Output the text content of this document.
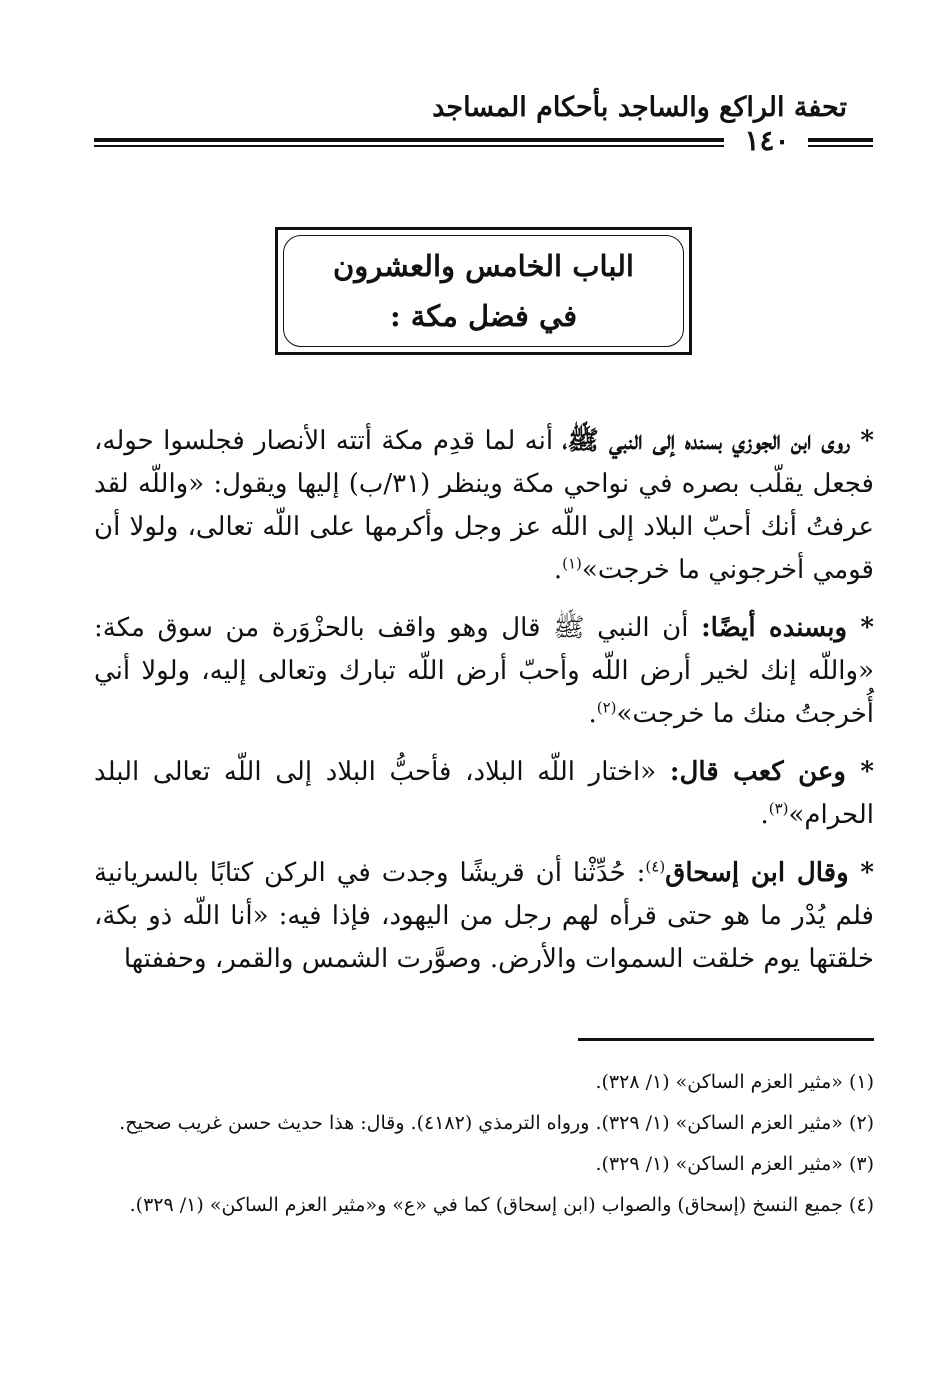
تحفة الراكع والساجد بأحكام المساجد
١٤٠
الباب الخامس والعشرون
في فضل مكة :

* روى ابن الجوزي بسنده إلى النبي ﷺ، أنه لما قدِم مكة أتته الأنصار فجلسوا حوله، فجعل يقلّب بصره في نواحي مكة وينظر (٣١/ب) إليها ويقول: «واللّه لقد عرفتُ أنك أحبّ البلاد إلى اللّه عز وجل وأكرمها على اللّه تعالى، ولولا أن قومي أخرجوني ما خرجت»$^{(١)}$.

* وبسنده أيضًا: أن النبي ﷺ قال وهو واقف بالحزْوَرة من سوق مكة: «واللّه إنك لخير أرض اللّه وأحبّ أرض اللّه تبارك وتعالى إليه، ولولا أني أُخرجتُ منك ما خرجت»$^{(٢)}$.

* وعن كعب قال: «اختار اللّه البلاد، فأحبُّ البلاد إلى اللّه تعالى البلد الحرام»$^{(٣)}$.

* وقال ابن إسحاق$^{(٤)}$: حُدِّثْنا أن قريشًا وجدت في الركن كتابًا بالسريانية فلم يُدْر ما هو حتى قرأه لهم رجل من اليهود، فإذا فيه: «أنا اللّه ذو بكة، خلقتها يوم خلقت السموات والأرض. وصوَّرت الشمس والقمر، وحففتها

(١) «مثير العزم الساكن» (١/ ٣٢٨).

(٢) «مثير العزم الساكن» (١/ ٣٢٩). ورواه الترمذي (٤١٨٢). وقال: هذا حديث حسن غريب صحيح.

(٣) «مثير العزم الساكن» (١/ ٣٢٩).

(٤) جميع النسخ (إسحاق) والصواب (ابن إسحاق) كما في «ع» و«مثير العزم الساكن» (١/ ٣٢٩).
